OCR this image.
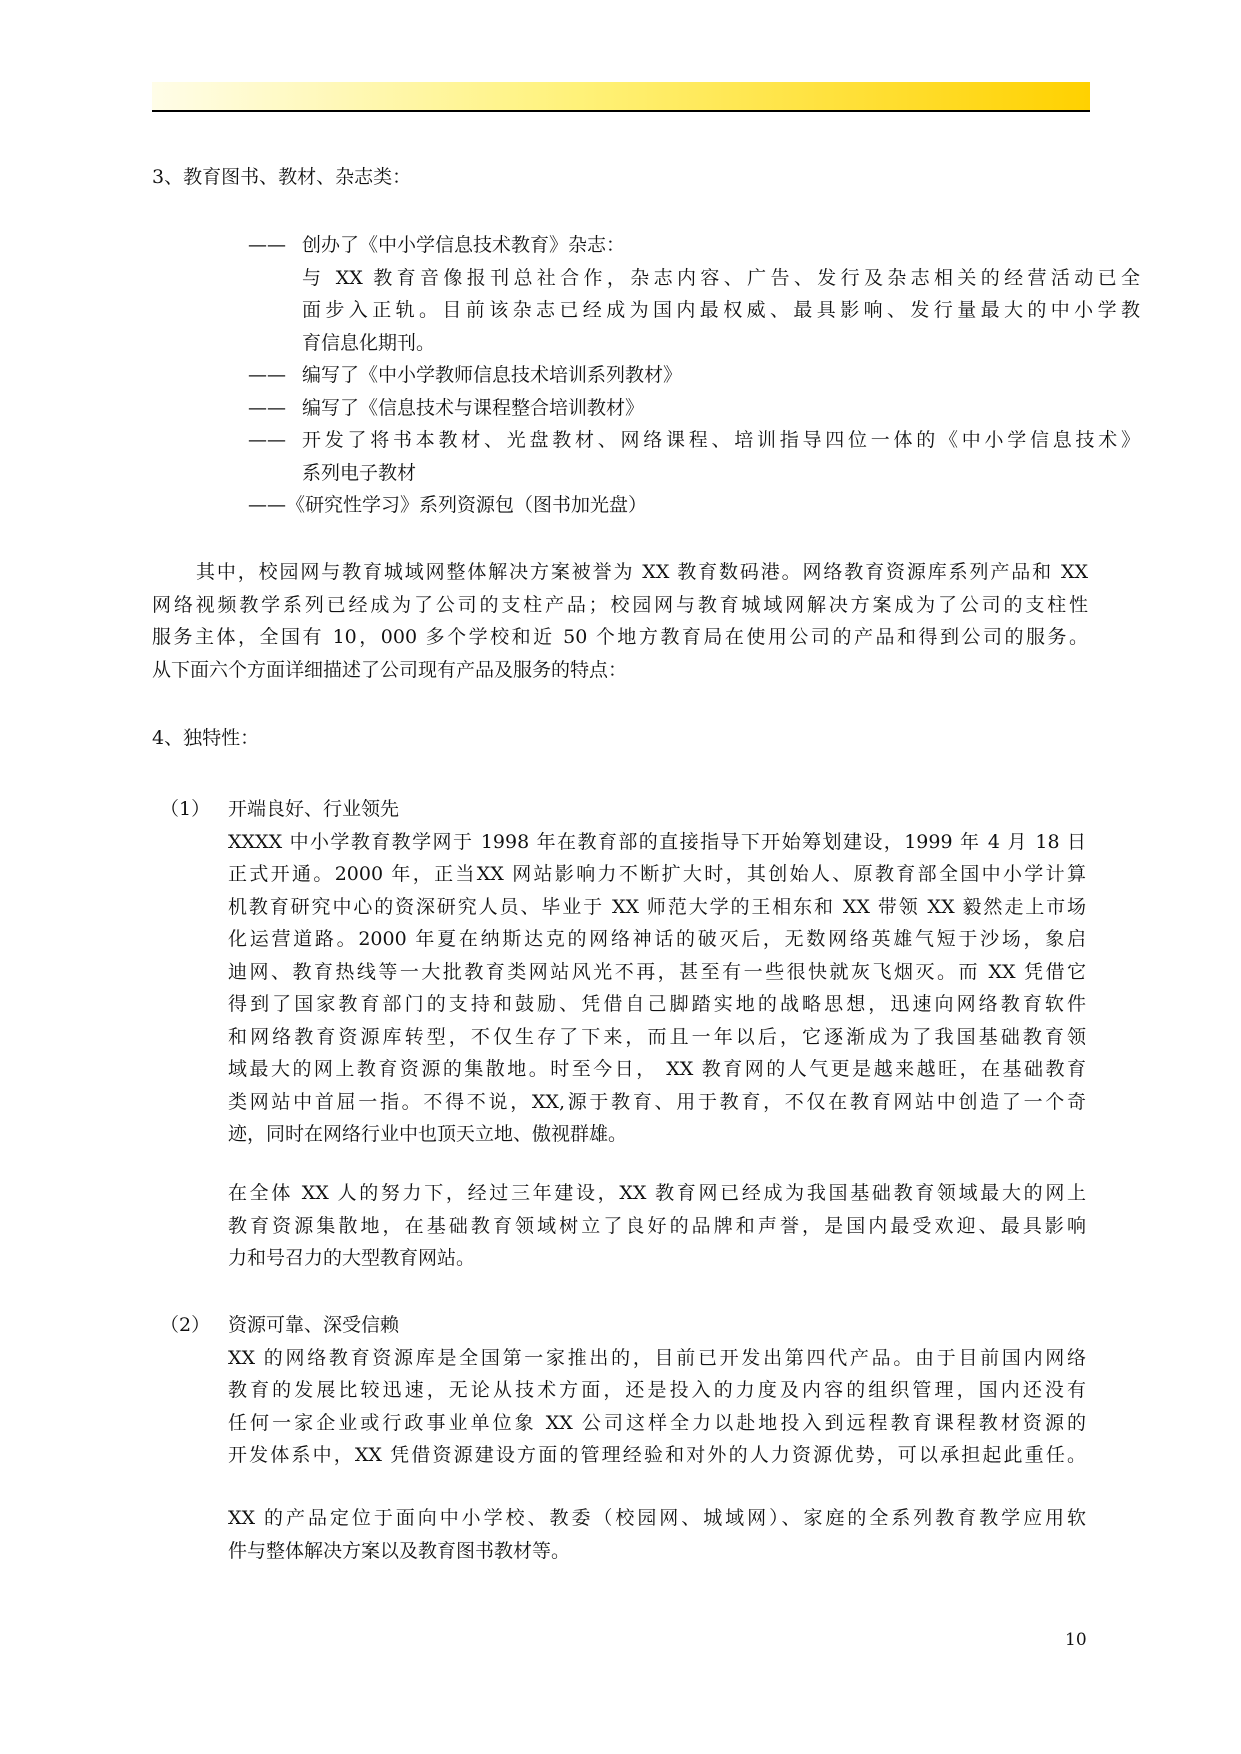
3、教育图书、教材、杂志类：
—— 创办了《中小学信息技术教育》杂志：
与 XX 教育音像报刊总社合作，杂志内容、广告、发行及杂志相关的经营活动已全
面步入正轨。目前该杂志已经成为国内最权威、最具影响、发行量最大的中小学教
育信息化期刊。
—— 编写了《中小学教师信息技术培训系列教材》
—— 编写了《信息技术与课程整合培训教材》
—— 开发了将书本教材、光盘教材、网络课程、培训指导四位一体的《中小学信息技术》
系列电子教材
—— 《研究性学习》系列资源包（图书加光盘）
其中，校园网与教育城域网整体解决方案被誉为 XX 教育数码港。网络教育资源库系列产品和 XX
网络视频教学系列已经成为了公司的支柱产品；校园网与教育城域网解决方案成为了公司的支柱性
服务主体，全国有 10，000 多个学校和近 50 个地方教育局在使用公司的产品和得到公司的服务。
从下面六个方面详细描述了公司现有产品及服务的特点：
4、独特性：
（1） 开端良好、行业领先
XXXX 中小学教育教学网于 1998 年在教育部的直接指导下开始筹划建设，1999 年 4 月 18 日
正式开通。2000 年，正当XX 网站影响力不断扩大时，其创始人、原教育部全国中小学计算
机教育研究中心的资深研究人员、毕业于 XX 师范大学的王相东和 XX 带领 XX 毅然走上市场
化运营道路。2000 年夏在纳斯达克的网络神话的破灭后，无数网络英雄气短于沙场，象启
迪网、教育热线等一大批教育类网站风光不再，甚至有一些很快就灰飞烟灭。而 XX 凭借它
得到了国家教育部门的支持和鼓励、凭借自己脚踏实地的战略思想，迅速向网络教育软件
和网络教育资源库转型，不仅生存了下来，而且一年以后，它逐渐成为了我国基础教育领
域最大的网上教育资源的集散地。时至今日， XX 教育网的人气更是越来越旺，在基础教育
类网站中首屈一指。不得不说，XX,源于教育、用于教育，不仅在教育网站中创造了一个奇
迹，同时在网络行业中也顶天立地、傲视群雄。
在全体 XX 人的努力下，经过三年建设，XX 教育网已经成为我国基础教育领域最大的网上
教育资源集散地，在基础教育领域树立了良好的品牌和声誉，是国内最受欢迎、最具影响
力和号召力的大型教育网站。
（2） 资源可靠、深受信赖
XX 的网络教育资源库是全国第一家推出的，目前已开发出第四代产品。由于目前国内网络
教育的发展比较迅速，无论从技术方面，还是投入的力度及内容的组织管理，国内还没有
任何一家企业或行政事业单位象 XX 公司这样全力以赴地投入到远程教育课程教材资源的
开发体系中，XX 凭借资源建设方面的管理经验和对外的人力资源优势，可以承担起此重任。
XX 的产品定位于面向中小学校、教委（校园网、城域网）、家庭的全系列教育教学应用软
件与整体解决方案以及教育图书教材等。
10
